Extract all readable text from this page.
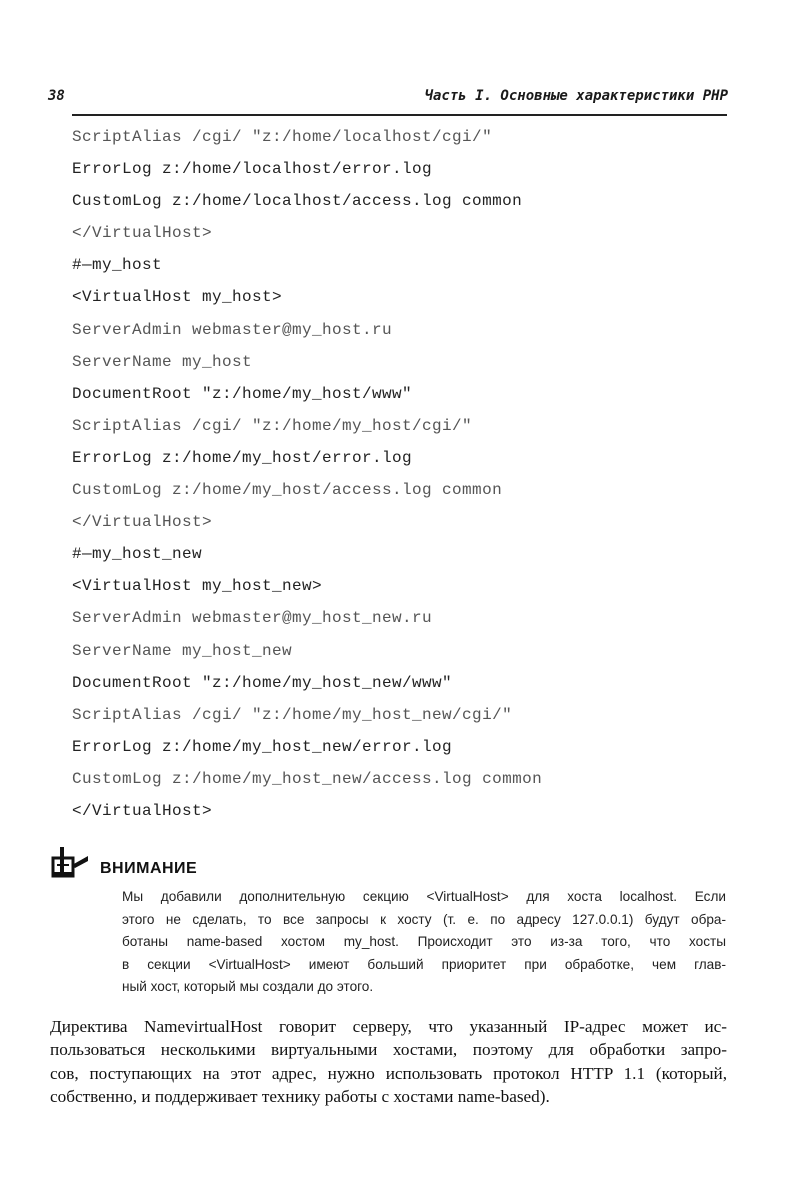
38	Часть I. Основные характеристики PHP
ScriptAlias /cgi/ "z:/home/localhost/cgi/"
ErrorLog z:/home/localhost/error.log
CustomLog z:/home/localhost/access.log common
</VirtualHost>
#—my_host
<VirtualHost my_host>
ServerAdmin webmaster@my_host.ru
ServerName my_host
DocumentRoot "z:/home/my_host/www"
ScriptAlias /cgi/ "z:/home/my_host/cgi/"
ErrorLog z:/home/my_host/error.log
CustomLog z:/home/my_host/access.log common
</VirtualHost>
#—my_host_new
<VirtualHost my_host_new>
ServerAdmin webmaster@my_host_new.ru
ServerName my_host_new
DocumentRoot "z:/home/my_host_new/www"
ScriptAlias /cgi/ "z:/home/my_host_new/cgi/"
ErrorLog z:/home/my_host_new/error.log
CustomLog z:/home/my_host_new/access.log common
</VirtualHost>
ВНИМАНИЕ
Мы добавили дополнительную секцию <VirtualHost> для хоста localhost. Если
этого не сделать, то все запросы к хосту (т. е. по адресу 127.0.0.1) будут обра-
ботаны name-based хостом my_host. Происходит это из-за того, что хосты
в секции <VirtualHost> имеют больший приоритет при обработке, чем глав-
ный хост, который мы создали до этого.
Директива NamevirtualHost говорит серверу, что указанный IP-адрес может ис-
пользоваться несколькими виртуальными хостами, поэтому для обработки запро-
сов, поступающих на этот адрес, нужно использовать протокол HTTP 1.1 (который,
собственно, и поддерживает технику работы с хостами name-based).
